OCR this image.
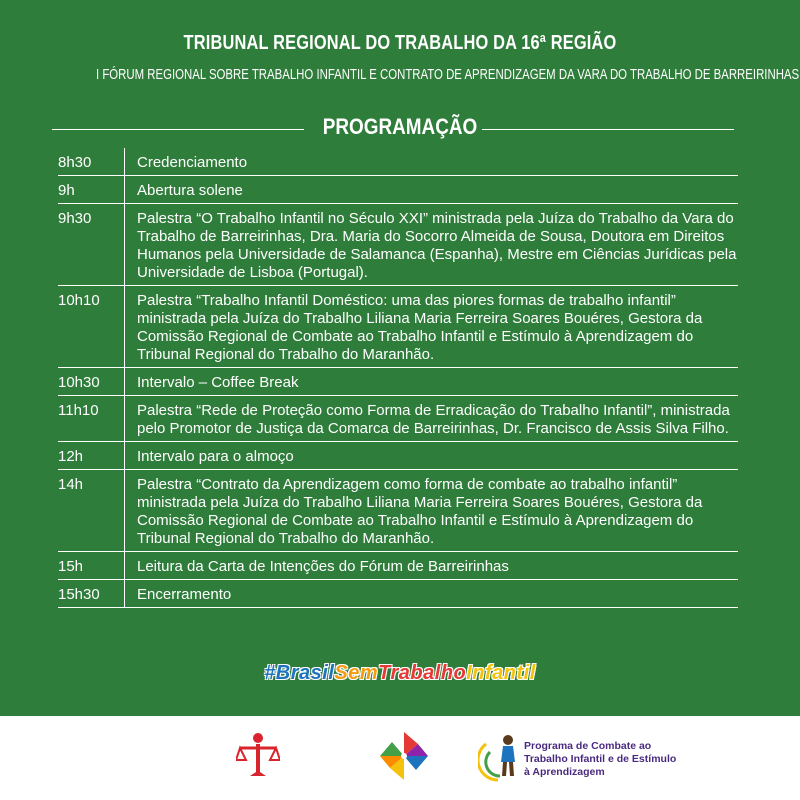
TRIBUNAL REGIONAL DO TRABALHO DA 16ª REGIÃO
I FÓRUM REGIONAL SOBRE TRABALHO INFANTIL E CONTRATO DE APRENDIZAGEM DA VARA DO TRABALHO DE BARREIRINHAS
PROGRAMAÇÃO
8h30	Credenciamento
9h	Abertura solene
9h30	Palestra “O Trabalho Infantil no Século XXI” ministrada pela Juíza do Trabalho da Vara do Trabalho de Barreirinhas, Dra. Maria do Socorro Almeida de Sousa, Doutora em Direitos Humanos pela Universidade de Salamanca (Espanha), Mestre em Ciências Jurídicas pela Universidade de Lisboa (Portugal).
10h10	Palestra “Trabalho Infantil Doméstico: uma das piores formas de trabalho infantil” ministrada pela Juíza do Trabalho Liliana Maria Ferreira Soares Bouéres, Gestora da Comissão Regional de Combate ao Trabalho Infantil e Estímulo à Aprendizagem do Tribunal Regional do Trabalho do Maranhão.
10h30	Intervalo – Coffee Break
11h10	Palestra “Rede de Proteção como Forma de Erradicação do Trabalho Infantil”, ministrada pelo Promotor de Justiça da Comarca de Barreirinhas, Dr. Francisco de Assis Silva Filho.
12h	Intervalo para o almoço
14h	Palestra “Contrato da Aprendizagem como forma de combate ao trabalho infantil” ministrada pela Juíza do Trabalho Liliana Maria Ferreira Soares Bouéres, Gestora da Comissão Regional de Combate ao Trabalho Infantil e Estímulo à Aprendizagem do Tribunal Regional do Trabalho do Maranhão.
15h	Leitura da Carta de Intenções do Fórum de Barreirinhas
15h30	Encerramento
#BrasilSemTrabalhoInfantil
Programa de Combate ao Trabalho Infantil e de Estímulo à Aprendizagem
